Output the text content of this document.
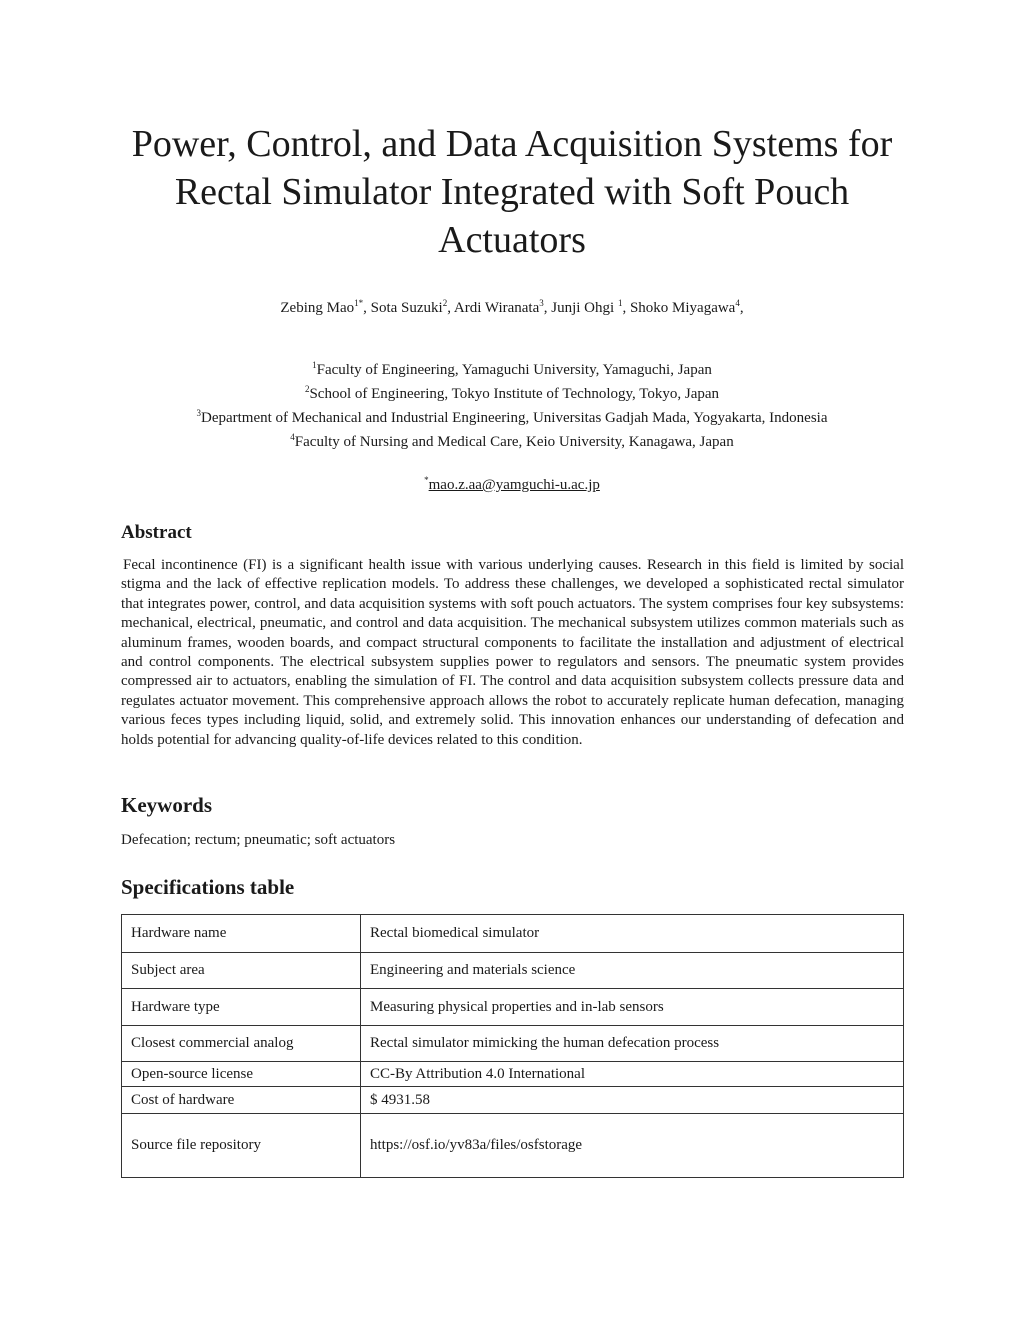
Power, Control, and Data Acquisition Systems for
Rectal Simulator Integrated with Soft Pouch
Actuators
Zebing Mao$^{1*}$, Sota Suzuki$^2$, Ardi Wiranata$^3$, Junji Ohgi $^1$, Shoko Miyagawa$^4$,
$^1$Faculty of Engineering, Yamaguchi University, Yamaguchi, Japan
$^2$School of Engineering, Tokyo Institute of Technology, Tokyo, Japan
$^3$Department of Mechanical and Industrial Engineering, Universitas Gadjah Mada, Yogyakarta, Indonesia
$^4$Faculty of Nursing and Medical Care, Keio University, Kanagawa, Japan
*mao.z.aa@yamguchi-u.ac.jp
Abstract

Fecal incontinence (FI) is a significant health issue with various underlying causes. Research in this field is limited by social stigma and the lack of effective replication models. To address these challenges, we developed a sophisticated rectal simulator that integrates power, control, and data acquisition systems with soft pouch actuators. The system comprises four key subsystems: mechanical, electrical, pneumatic, and control and data acquisition. The mechanical subsystem utilizes common materials such as aluminum frames, wooden boards, and compact structural components to facilitate the installation and adjustment of electrical and control components. The electrical subsystem supplies power to regulators and sensors. The pneumatic system provides compressed air to actuators, enabling the simulation of FI. The control and data acquisition subsystem collects pressure data and regulates actuator movement. This comprehensive approach allows the robot to accurately replicate human defecation, managing various feces types including liquid, solid, and extremely solid. This innovation enhances our understanding of defecation and holds potential for advancing quality-of-life devices related to this condition.

Keywords

Defecation; rectum; pneumatic; soft actuators

Specifications table
Hardware name	Rectal biomedical simulator
Subject area	Engineering and materials science
Hardware type	Measuring physical properties and in-lab sensors
Closest commercial analog	Rectal simulator mimicking the human defecation process
Open-source license	CC-By Attribution 4.0 International
Cost of hardware	$ 4931.58
Source file repository	https://osf.io/yv83a/files/osfstorage
